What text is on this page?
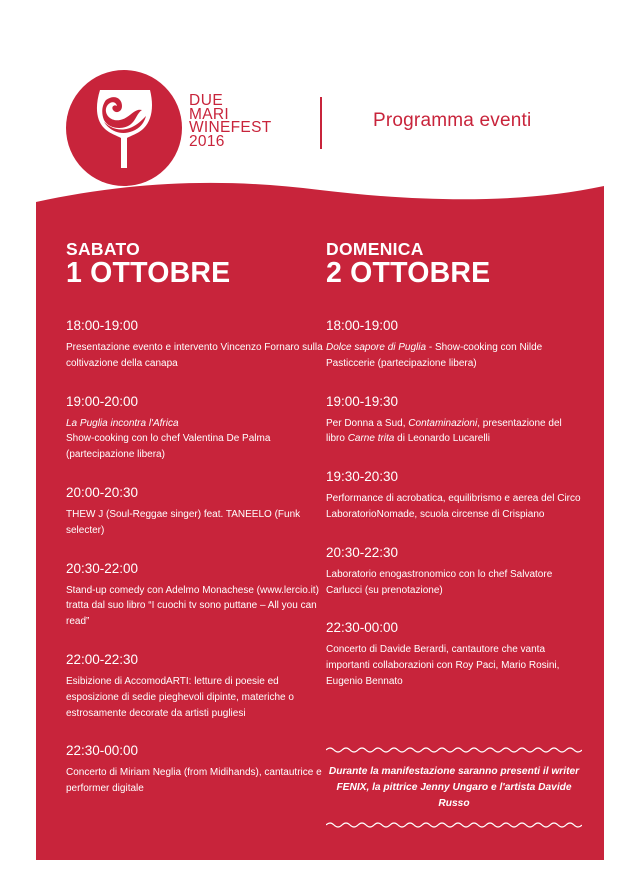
DUE
MARI
WINEFEST
2016
Programma eventi
SABATO
1 OTTOBRE
18:00-19:00
Presentazione evento e intervento Vincenzo Fornaro sulla coltivazione della canapa
19:00-20:00
La Puglia incontra l'Africa
Show-cooking con lo chef Valentina De Palma (partecipazione libera)
20:00-20:30
THEW J (Soul-Reggae singer) feat. TANEELO (Funk selecter)
20:30-22:00
Stand-up comedy con Adelmo Monachese (www.lercio.it) tratta dal suo libro “I cuochi tv sono puttane – All you can read”
22:00-22:30
Esibizione di AccomodARTI: letture di poesie ed esposizione di sedie pieghevoli dipinte, materiche o estrosamente decorate da artisti pugliesi
22:30-00:00
Concerto di Miriam Neglia (from Midihands), cantautrice e performer digitale
DOMENICA
2 OTTOBRE
18:00-19:00
Dolce sapore di Puglia - Show-cooking con Nilde Pasticcerie (partecipazione libera)
19:00-19:30
Per Donna a Sud, Contaminazioni, presentazione del libro Carne trita di Leonardo Lucarelli
19:30-20:30
Performance di acrobatica, equilibrismo e aerea del Circo LaboratorioNomade, scuola circense di Crispiano
20:30-22:30
Laboratorio enogastronomico con lo chef Salvatore Carlucci (su prenotazione)
22:30-00:00
Concerto di Davide Berardi, cantautore che vanta importanti collaborazioni con Roy Paci, Mario Rosini, Eugenio Bennato
Durante la manifestazione saranno presenti il writer FENIX, la pittrice Jenny Ungaro e l'artista Davide Russo
